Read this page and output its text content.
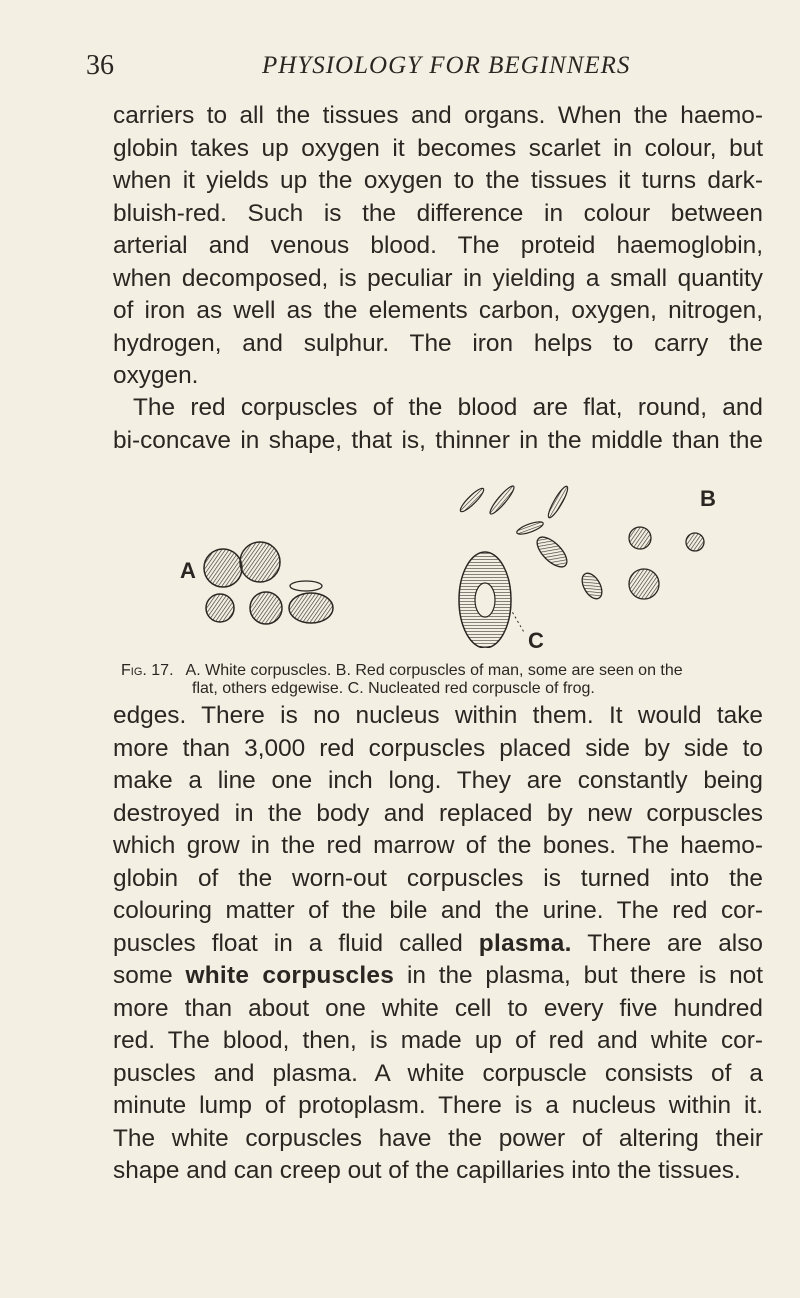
36	PHYSIOLOGY FOR BEGINNERS

carriers to all the tissues and organs. When the haemo-
globin takes up oxygen it becomes scarlet in colour, but
when it yields up the oxygen to the tissues it turns dark-
bluish-red. Such is the difference in colour between
arterial and venous blood. The proteid haemoglobin,
when decomposed, is peculiar in yielding a small quantity
of iron as well as the elements carbon, oxygen, nitrogen,
hydrogen, and sulphur. The iron helps to carry the
oxygen.

The red corpuscles of the blood are flat, round, and
bi-concave in shape, that is, thinner in the middle than the

A
B
C
Fig. 17. A. White corpuscles. B. Red corpuscles of man, some are seen on the
flat, others edgewise. C. Nucleated red corpuscle of frog.

edges. There is no nucleus within them. It would take
more than 3,000 red corpuscles placed side by side to
make a line one inch long. They are constantly being
destroyed in the body and replaced by new corpuscles
which grow in the red marrow of the bones. The haemo-
globin of the worn-out corpuscles is turned into the
colouring matter of the bile and the urine. The red cor-
puscles float in a fluid called plasma. There are also
some white corpuscles in the plasma, but there is not
more than about one white cell to every five hundred
red. The blood, then, is made up of red and white cor-
puscles and plasma. A white corpuscle consists of a
minute lump of protoplasm. There is a nucleus within it.
The white corpuscles have the power of altering their
shape and can creep out of the capillaries into the tissues.
